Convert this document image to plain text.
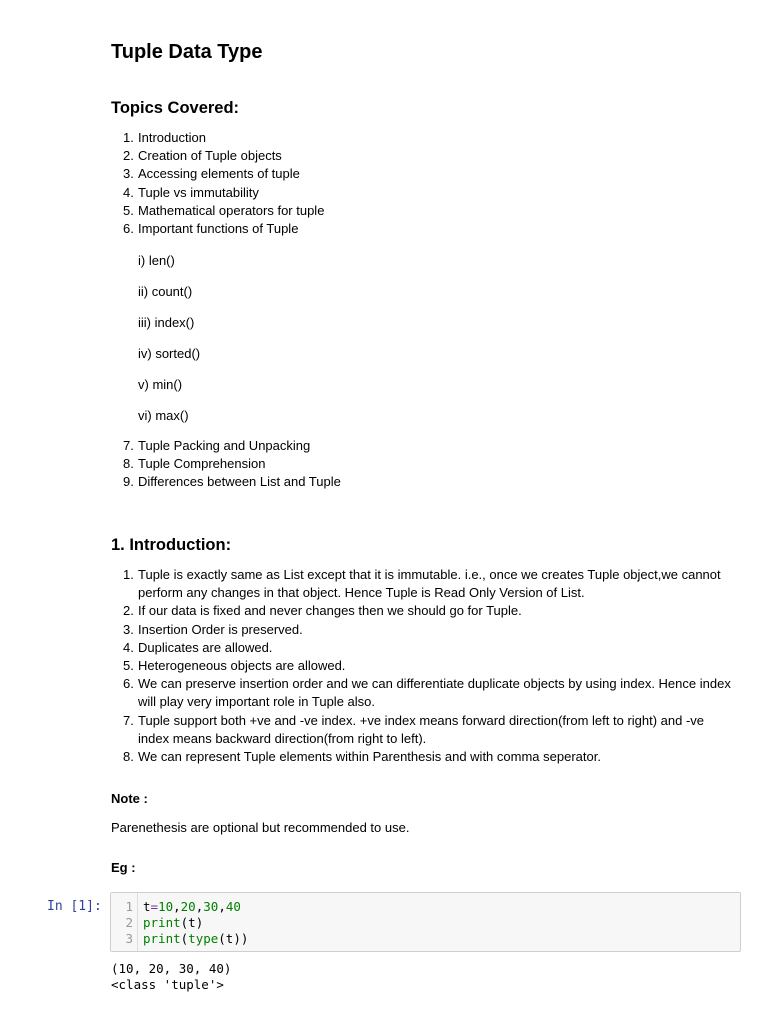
Tuple Data Type
Topics Covered:
1. Introduction
2. Creation of Tuple objects
3. Accessing elements of tuple
4. Tuple vs immutability
5. Mathematical operators for tuple
6. Important functions of Tuple
i) len()
ii) count()
iii) index()
iv) sorted()
v) min()
vi) max()
7. Tuple Packing and Unpacking
8. Tuple Comprehension
9. Differences between List and Tuple
1. Introduction:
1. Tuple is exactly same as List except that it is immutable. i.e., once we creates Tuple object,we cannot perform any changes in that object. Hence Tuple is Read Only Version of List.
2. If our data is fixed and never changes then we should go for Tuple.
3. Insertion Order is preserved.
4. Duplicates are allowed.
5. Heterogeneous objects are allowed.
6. We can preserve insertion order and we can differentiate duplicate objects by using index. Hence index will play very important role in Tuple also.
7. Tuple support both +ve and -ve index. +ve index means forward direction(from left to right) and -ve index means backward direction(from right to left).
8. We can represent Tuple elements within Parenthesis and with comma seperator.
Note :
Parenethesis are optional but recommended to use.
Eg :
In [1]:	1 t=10,20,30,40
2 print(t)
3 print(type(t))
(10, 20, 30, 40)
<class 'tuple'>
